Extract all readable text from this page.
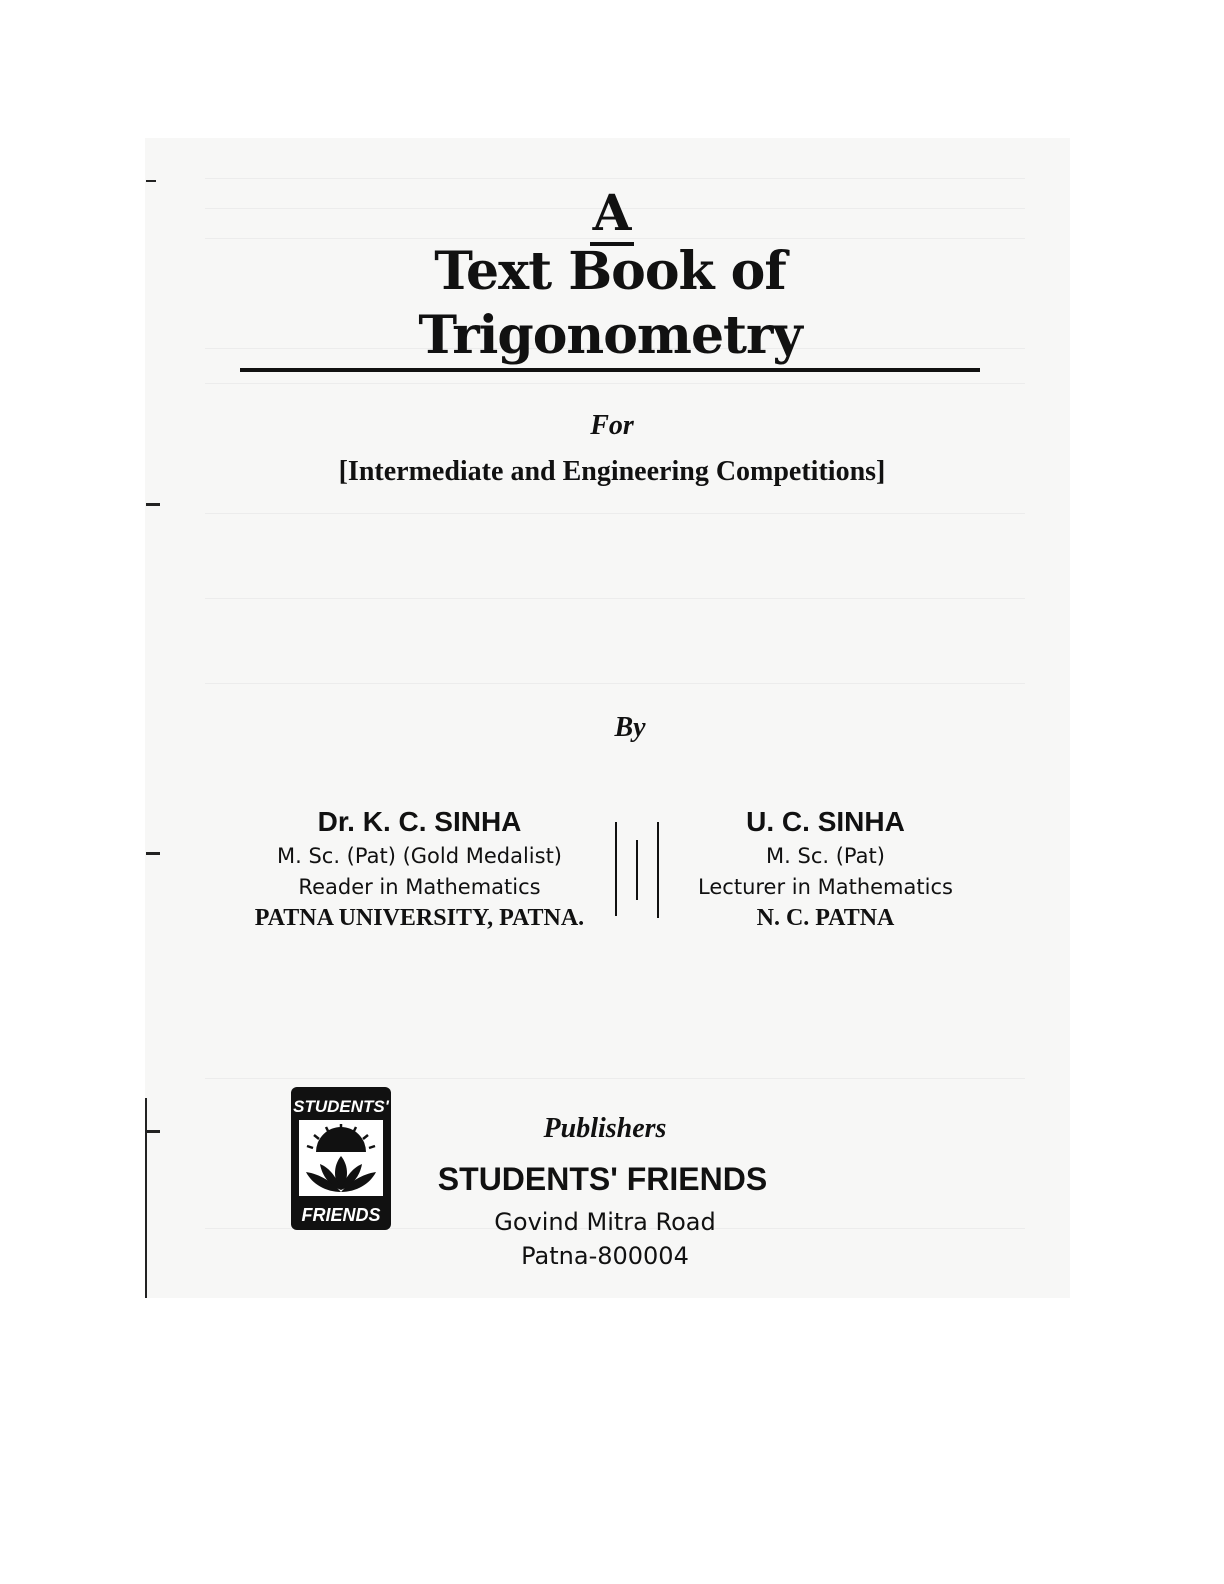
A
Text Book of Trigonometry
For
[Intermediate and Engineering Competitions]
By
Dr. K. C. SINHA
M. Sc. (Pat) (Gold Medalist)
Reader in Mathematics
PATNA UNIVERSITY, PATNA.
U. C. SINHA
M. Sc. (Pat)
Lecturer in Mathematics
N. C. PATNA
STUDENTS'
FRIENDS
Publishers
STUDENTS' FRIENDS
Govind Mitra Road
Patna-800004
